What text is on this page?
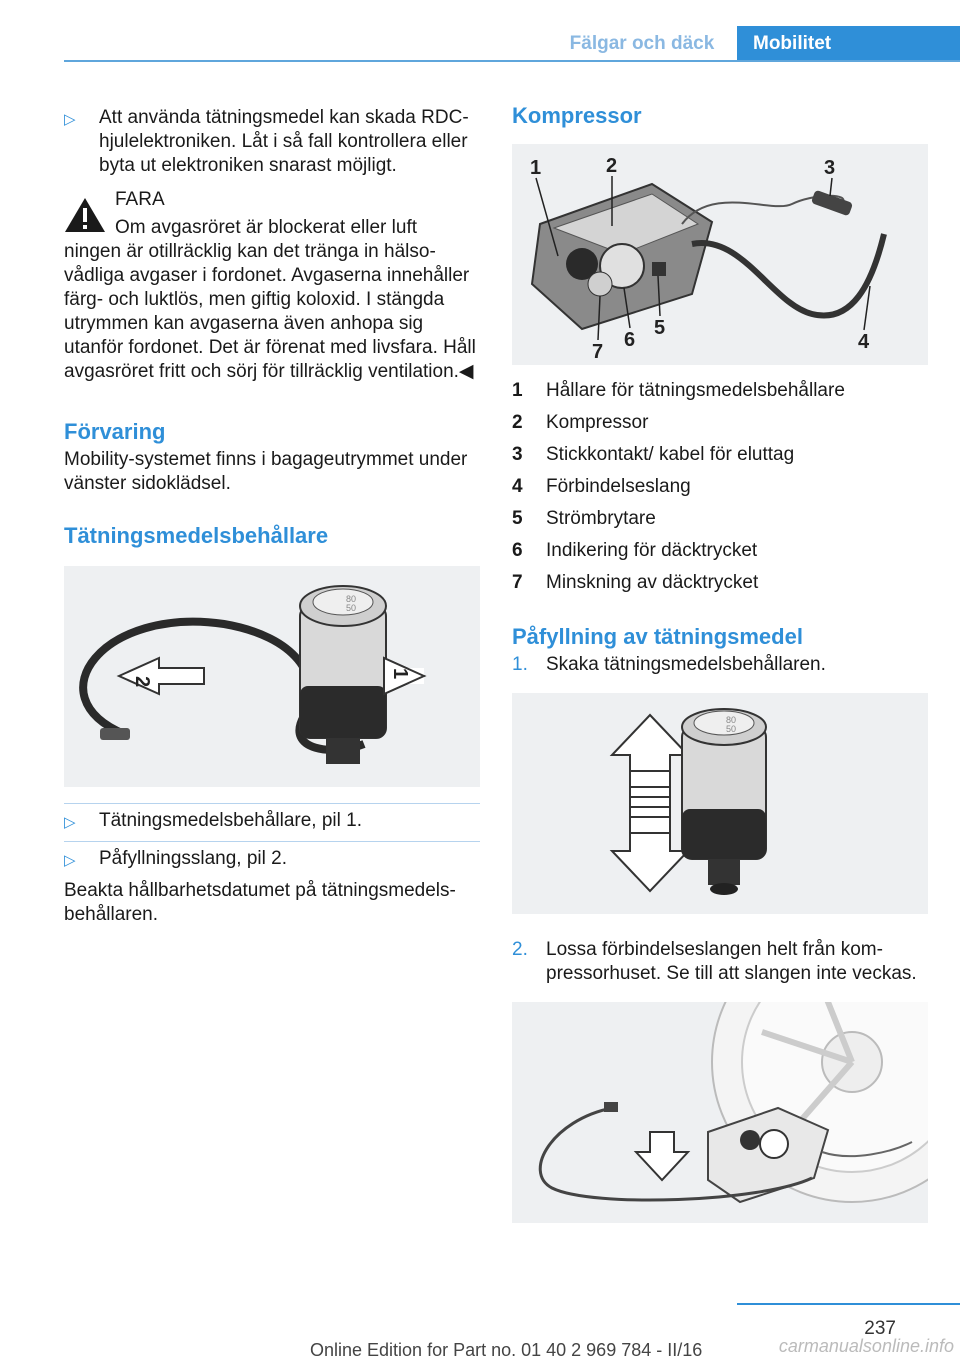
Fälgar och däck	Mobilitet
▷ Att använda tätningsmedel kan skada RDC-hjulelektroniken. Låt i så fall kontrollera eller byta ut elektroniken snarast möjligt.
FARA
Om avgasröret är blockerat eller luft
ningen är otillräcklig kan det tränga in hälsovådliga avgaser i fordonet. Avgaserna innehåller färg- och luktlös, men giftig koloxid. I stängda utrymmen kan avgaserna även anhopa sig utanför fordonet. Det är förenat med livsfara. Håll avgasröret fritt och sörj för tillräcklig ventilation.◀
Förvaring

Mobility-systemet finns i bagageutrymmet under vänster sidoklädsel.

Tätningsmedelsbehållare
80
50
2
1
▷ Tätningsmedelsbehållare, pil 1.
▷ Påfyllningsslang, pil 2.

Beakta hållbarhetsdatumet på tätningsmedelsbehållaren.

Kompressor
1	2	3
4
5
6
7
1 Hållare för tätningsmedelsbehållare
2 Kompressor
3 Stickkontakt/ kabel för eluttag
4 Förbindelseslang
5 Strömbrytare
6 Indikering för däcktrycket
7 Minskning av däcktrycket
Påfyllning av tätningsmedel
1. Skaka tätningsmedelsbehållaren.
80
50
2. Lossa förbindelseslangen helt från kompressorhuset. Se till att slangen inte veckas.
237
Online Edition for Part no. 01 40 2 969 784 - II/16	carmanualsonline.info
